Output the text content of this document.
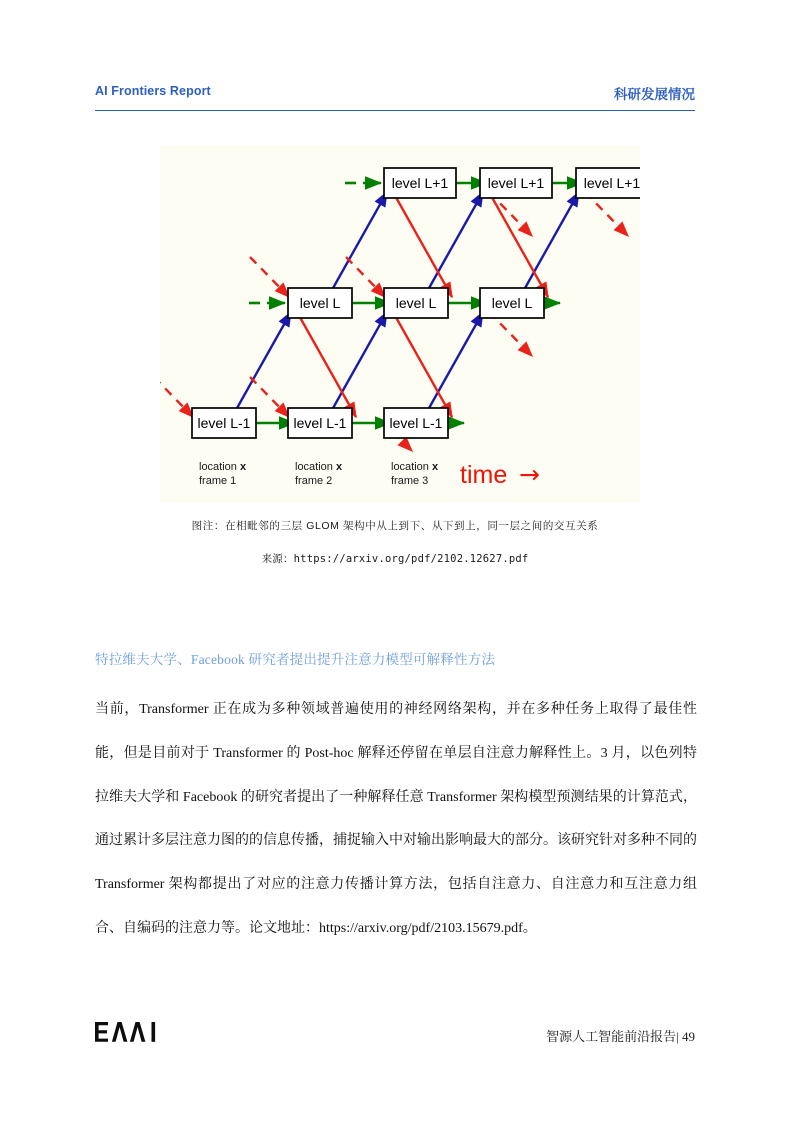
AI Frontiers Report	科研发展情况
level L+1	level L+1	level L+1
level L	level L	level L
level L-1	level L-1	level L-1
location x
frame 1
location x
frame 2
location x
frame 3 time →
图注：在相毗邻的三层 GLOM 架构中从上到下、从下到上，同一层之间的交互关系
来源：https://arxiv.org/pdf/2102.12627.pdf
特拉维夫大学、Facebook 研究者提出提升注意力模型可解释性方法

当前，Transformer 正在成为多种领域普遍使用的神经网络架构，并在多种任务上取得了最佳性能，但是目前对于 Transformer 的 Post-hoc 解释还停留在单层自注意力解释性上。3 月，以色列特拉维夫大学和 Facebook 的研究者提出了一种解释任意 Transformer 架构模型预测结果的计算范式，通过累计多层注意力图的的信息传播，捕捉输入中对输出影响最大的部分。该研究针对多种不同的 Transformer 架构都提出了对应的注意力传播计算方法，包括自注意力、自注意力和互注意力组合、自编码的注意力等。论文地址：https://arxiv.org/pdf/2103.15679.pdf。

智源人工智能前沿报告| 49
